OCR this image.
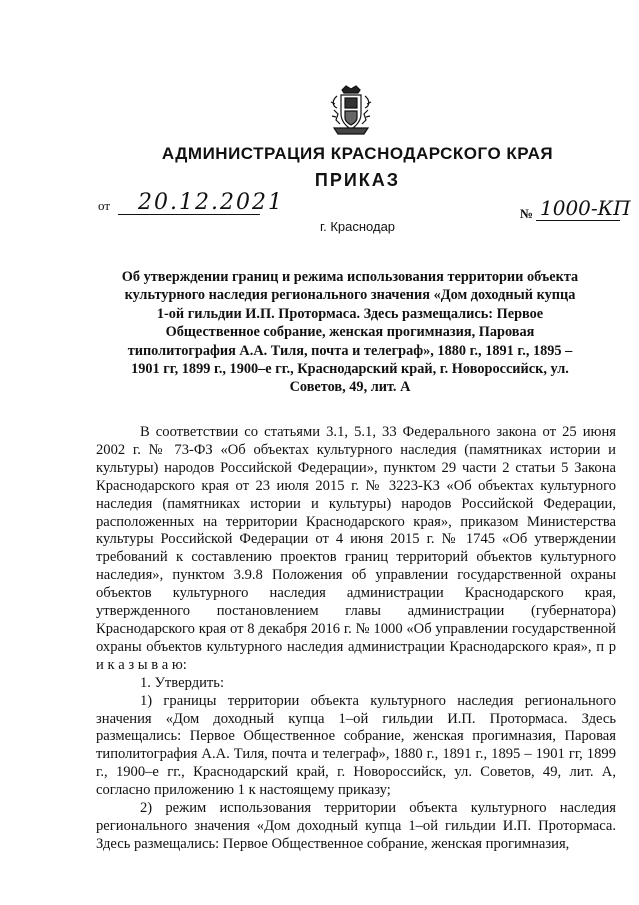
АДМИНИСТРАЦИЯ КРАСНОДАРСКОГО КРАЯ
ПРИКАЗ
от 20.12.2021	№ 1000-КП
г. Краснодар
Об утверждении границ и режима использования территории объекта культурного наследия регионального значения «Дом доходный купца 1-ой гильдии И.П. Протормаса. Здесь размещались: Первое Общественное собрание, женская прогимназия, Паровая типолитография А.А. Тиля, почта и телеграф», 1880 г., 1891 г., 1895 – 1901 гг, 1899 г., 1900–е гг., Краснодарский край, г. Новороссийск, ул. Советов, 49, лит. А

В соответствии со статьями 3.1, 5.1, 33 Федерального закона от 25 июня 2002 г. № 73-ФЗ «Об объектах культурного наследия (памятниках истории и культуры) народов Российской Федерации», пунктом 29 части 2 статьи 5 Закона Краснодарского края от 23 июля 2015 г. № 3223-КЗ «Об объектах культурного наследия (памятниках истории и культуры) народов Российской Федерации, расположенных на территории Краснодарского края», приказом Министерства культуры Российской Федерации от 4 июня 2015 г. № 1745 «Об утверждении требований к составлению проектов границ территорий объектов культурного наследия», пунктом 3.9.8 Положения об управлении государственной охраны объектов культурного наследия администрации Краснодарского края, утвержденного постановлением главы администрации (губернатора) Краснодарского края от 8 декабря 2016 г. № 1000 «Об управлении государственной охраны объектов культурного наследия администрации Краснодарского края», п р и к а з ы в а ю:

1. Утвердить:

1) границы территории объекта культурного наследия регионального значения «Дом доходный купца 1–ой гильдии И.П. Протормаса. Здесь размещались: Первое Общественное собрание, женская прогимназия, Паровая типолитография А.А. Тиля, почта и телеграф», 1880 г., 1891 г., 1895 – 1901 гг, 1899 г., 1900–е гг., Краснодарский край, г. Новороссийск, ул. Советов, 49, лит. А, согласно приложению 1 к настоящему приказу;

2) режим использования территории объекта культурного наследия регионального значения «Дом доходный купца 1–ой гильдии И.П. Протормаса. Здесь размещались: Первое Общественное собрание, женская прогимназия,
